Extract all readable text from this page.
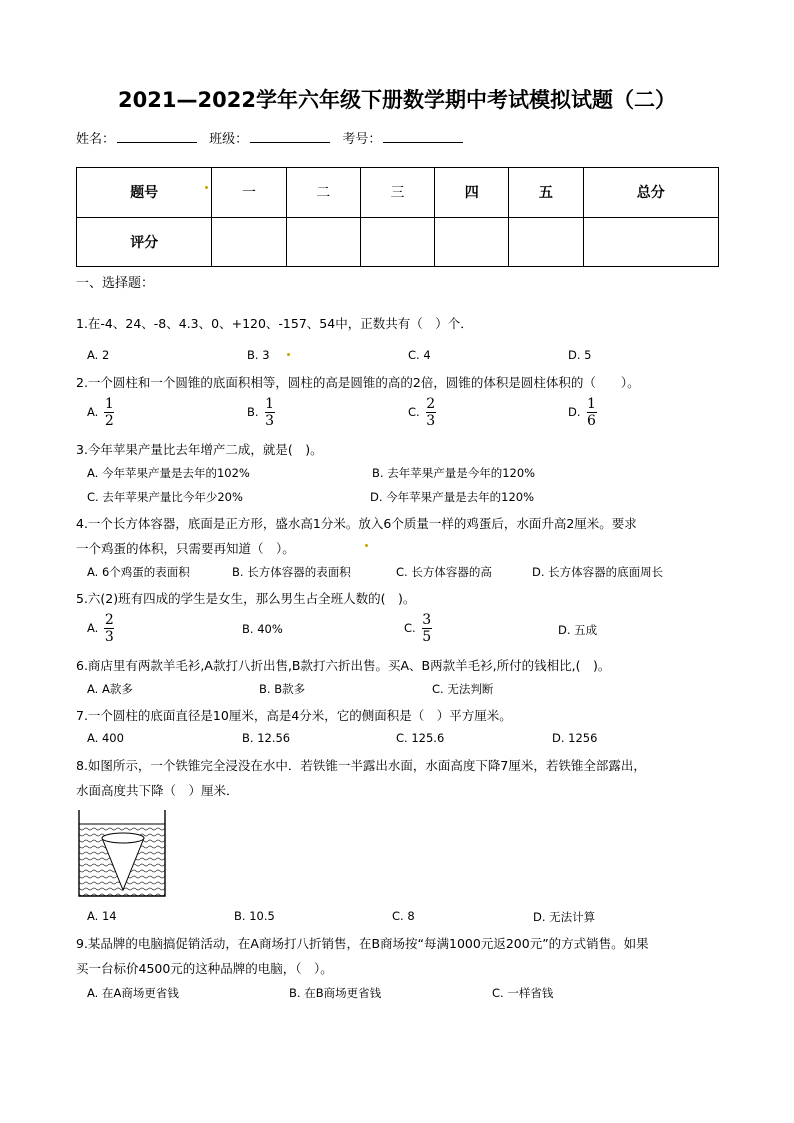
2021—2022学年六年级下册数学期中考试模拟试题（二）
姓名：	班级：	考号：
题号	一	二	三	四	五	总分
评分						
一、选择题：
1.在-4、24、-8、4.3、0、+120、-157、54中，正数共有（　）个．
A. 2	B. 3	C. 4	D. 5
2.一个圆柱和一个圆锥的底面积相等，圆柱的高是圆锥的高的2倍，圆锥的体积是圆柱体积的（　　）。
A. $\frac{1}{2}$	B. $\frac{1}{3}$	C. $\frac{2}{3}$	D. $\frac{1}{6}$
3.今年苹果产量比去年增产二成，就是(　)。
A. 今年苹果产量是去年的102%	B. 去年苹果产量是今年的120%
C. 去年苹果产量比今年少20%	D. 今年苹果产量是去年的120%
4.一个长方体容器，底面是正方形，盛水高1分米。放入6个质量一样的鸡蛋后，水面升高2厘米。要求
一个鸡蛋的体积，只需要再知道（　）。
A. 6个鸡蛋的表面积	B. 长方体容器的表面积	C. 长方体容器的高	D. 长方体容器的底面周长
5.六(2)班有四成的学生是女生，那么男生占全班人数的(　)。
A. $\frac{2}{3}$	B. 40%	C. $\frac{3}{5}$	D. 五成
6.商店里有两款羊毛衫,A款打八折出售,B款打六折出售。买A、B两款羊毛衫,所付的钱相比,(　)。
A. A款多	B. B款多	C. 无法判断
7.一个圆柱的底面直径是10厘米，高是4分米，它的侧面积是（　）平方厘米。
A. 400	B. 12.56	C. 125.6	D. 1256
8.如图所示，一个铁锥完全浸没在水中．若铁锥一半露出水面，水面高度下降7厘米，若铁锥全部露出，
水面高度共下降（　）厘米．
A. 14	B. 10.5	C. 8	D. 无法计算
9.某品牌的电脑搞促销活动，在A商场打八折销售，在B商场按“每满1000元返200元”的方式销售。如果
买一台标价4500元的这种品牌的电脑，（　）。
A. 在A商场更省钱	B. 在B商场更省钱	C. 一样省钱
